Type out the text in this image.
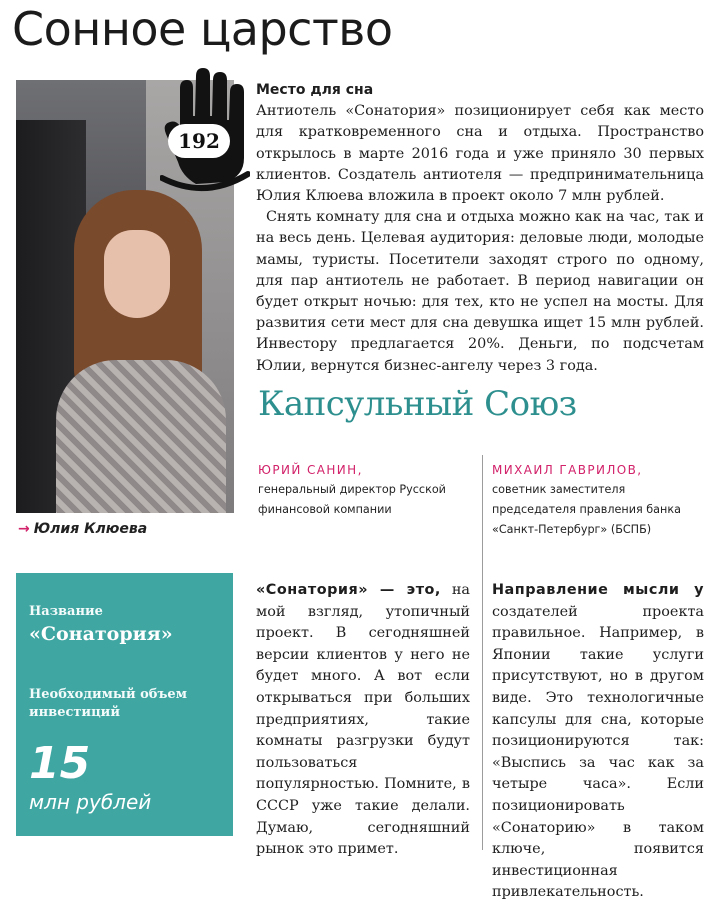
Сонное царство
192
→ Юлия Клюева

Место для сна

Антиотель «Сонатория» позиционирует себя как место для кратковременного сна и отдыха. Пространство открылось в марте 2016 года и уже приняло 30 первых клиентов. Создатель антиотеля — предпринимательница Юлия Клюева вложила в проект около 7 млн рублей.

Снять комнату для сна и отдыха можно как на час, так и на весь день. Целевая аудитория: деловые люди, молодые мамы, туристы. Посетители заходят строго по одному, для пар антиотель не работает. В период навигации он будет открыт ночью: для тех, кто не успел на мосты. Для развития сети мест для сна девушка ищет 15 млн рублей. Инвестору предлагается 20%. Деньги, по подсчетам Юлии, вернутся бизнес-ангелу через 3 года.

Капсульный Союз

ЮРИЙ САНИН,

генеральный директор Русской финансовой компании

МИХАИЛ ГАВРИЛОВ,

советник заместителя председателя правления банка «Санкт-Петербург» (БСПБ)

Название

«Сонатория»

Необходимый объем инвестиций

15

млн рублей

«Сонатория» — это, на мой взгляд, утопичный проект. В сегодняшней версии клиентов у него не будет много. А вот если открываться при больших предприятиях, такие комнаты разгрузки будут пользоваться популярностью. Помните, в СССР уже такие делали. Думаю, сегодняшний рынок это примет.

Направление мысли у создателей проекта правильное. Например, в Японии такие услуги присутствуют, но в другом виде. Это технологичные капсулы для сна, которые позиционируются так: «Выспись за час как за четыре часа». Если позиционировать «Сонаторию» в таком ключе, появится инвестиционная привлекательность.
